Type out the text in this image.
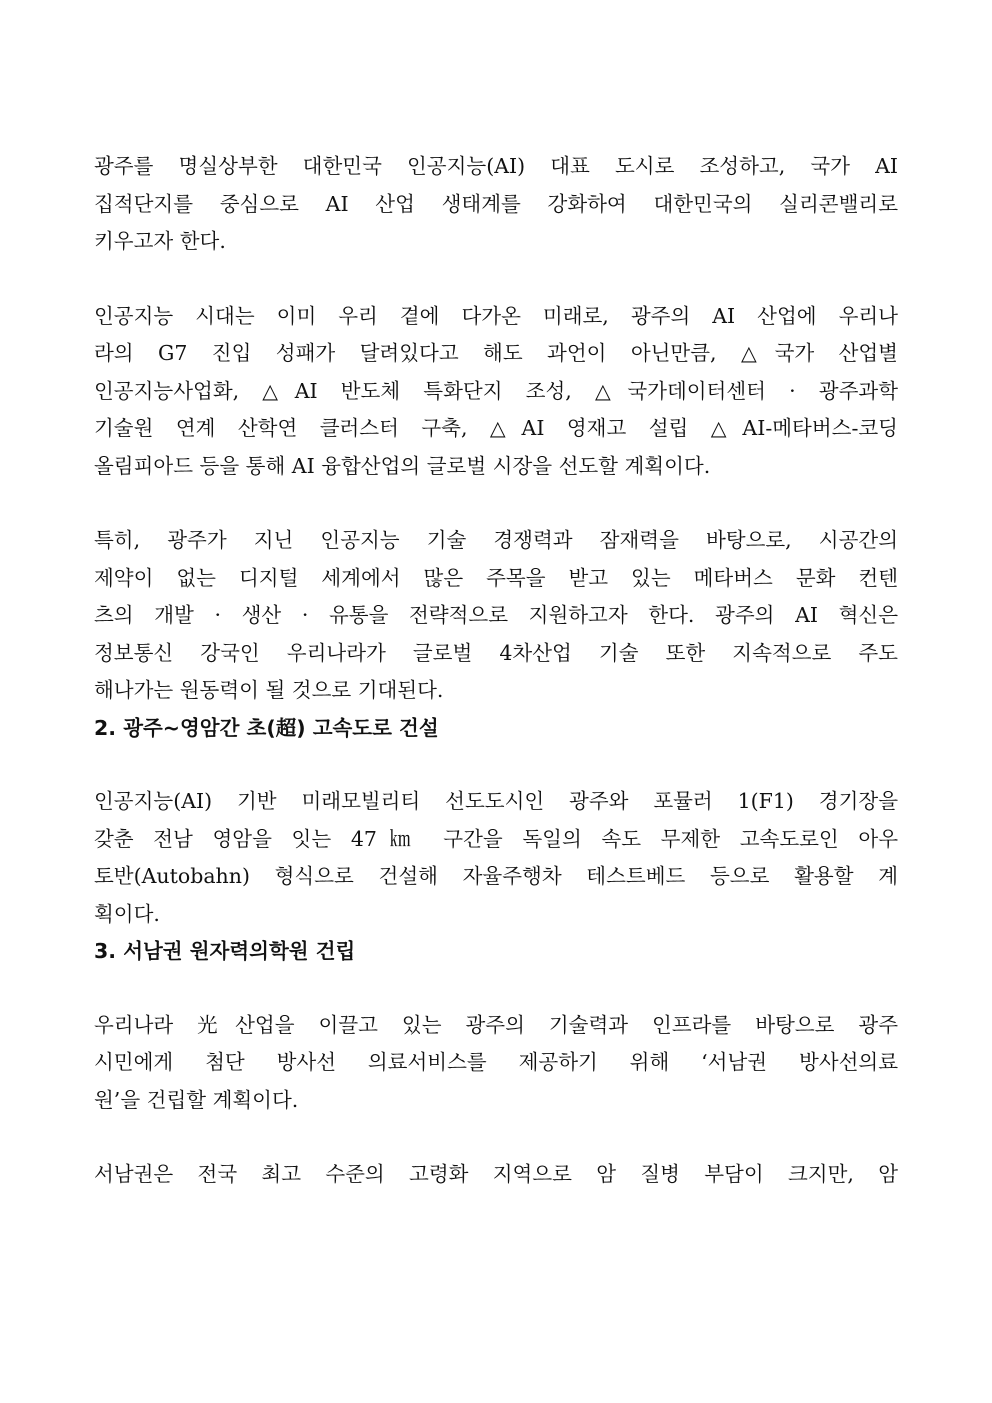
광주를 명실상부한 대한민국 인공지능(AI) 대표 도시로 조성하고, 국가 AI
집적단지를 중심으로 AI 산업 생태계를 강화하여 대한민국의 실리콘밸리로
키우고자 한다.

인공지능 시대는 이미 우리 곁에 다가온 미래로, 광주의 AI 산업에 우리나
라의 G7 진입 성패가 달려있다고 해도 과언이 아닌만큼, △국가 산업별
인공지능사업화, △AI 반도체 특화단지 조성, △국가데이터센터 · 광주과학
기술원 연계 산학연 클러스터 구축, △AI 영재고 설립 △AI-메타버스-코딩
올림피아드 등을 통해 AI 융합산업의 글로벌 시장을 선도할 계획이다.

특히, 광주가 지닌 인공지능 기술 경쟁력과 잠재력을 바탕으로, 시공간의
제약이 없는 디지털 세계에서 많은 주목을 받고 있는 메타버스 문화 컨텐
츠의 개발 · 생산 · 유통을 전략적으로 지원하고자 한다. 광주의 AI 혁신은
정보통신 강국인 우리나라가 글로벌 4차산업 기술 또한 지속적으로 주도
해나가는 원동력이 될 것으로 기대된다.

2. 광주~영암간 초(超) 고속도로 건설

인공지능(AI) 기반 미래모빌리티 선도도시인 광주와 포뮬러 1(F1) 경기장을
갖춘 전남 영암을 잇는 47㎞ 구간을 독일의 속도 무제한 고속도로인 아우
토반(Autobahn) 형식으로 건설해 자율주행차 테스트베드 등으로 활용할 계
획이다.

3. 서남권 원자력의학원 건립

우리나라 光산업을 이끌고 있는 광주의 기술력과 인프라를 바탕으로 광주
시민에게 첨단 방사선 의료서비스를 제공하기 위해 ‘서남권 방사선의료
원’을 건립할 계획이다.

서남권은 전국 최고 수준의 고령화 지역으로 암 질병 부담이 크지만, 암
